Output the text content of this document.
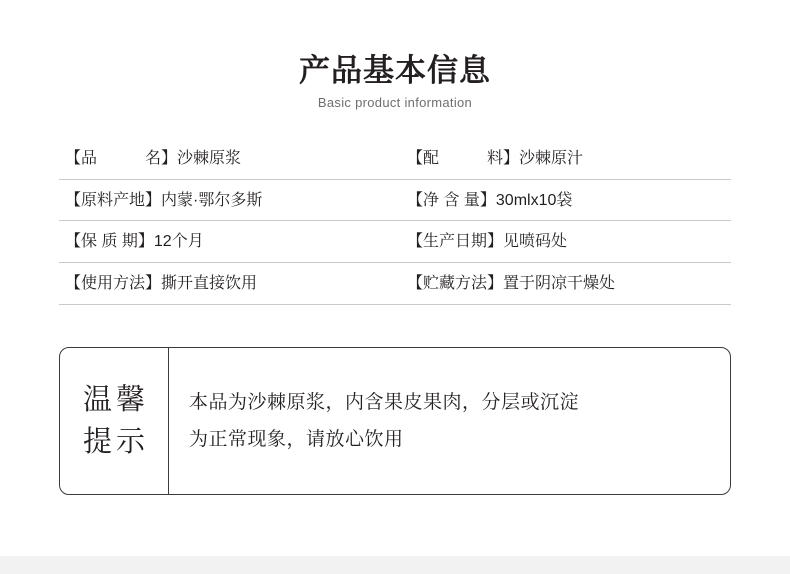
产品基本信息
Basic product information
【品　　　名】沙棘原浆	【配　　　料】沙棘原汁
【原料产地】内蒙·鄂尔多斯	【净 含 量】30mlx10袋
【保 质 期】12个月	【生产日期】见喷码处
【使用方法】撕开直接饮用	【贮藏方法】置于阴凉干燥处
温馨
提示

本品为沙棘原浆，内含果皮果肉，分层或沉淀

为正常现象，请放心饮用
